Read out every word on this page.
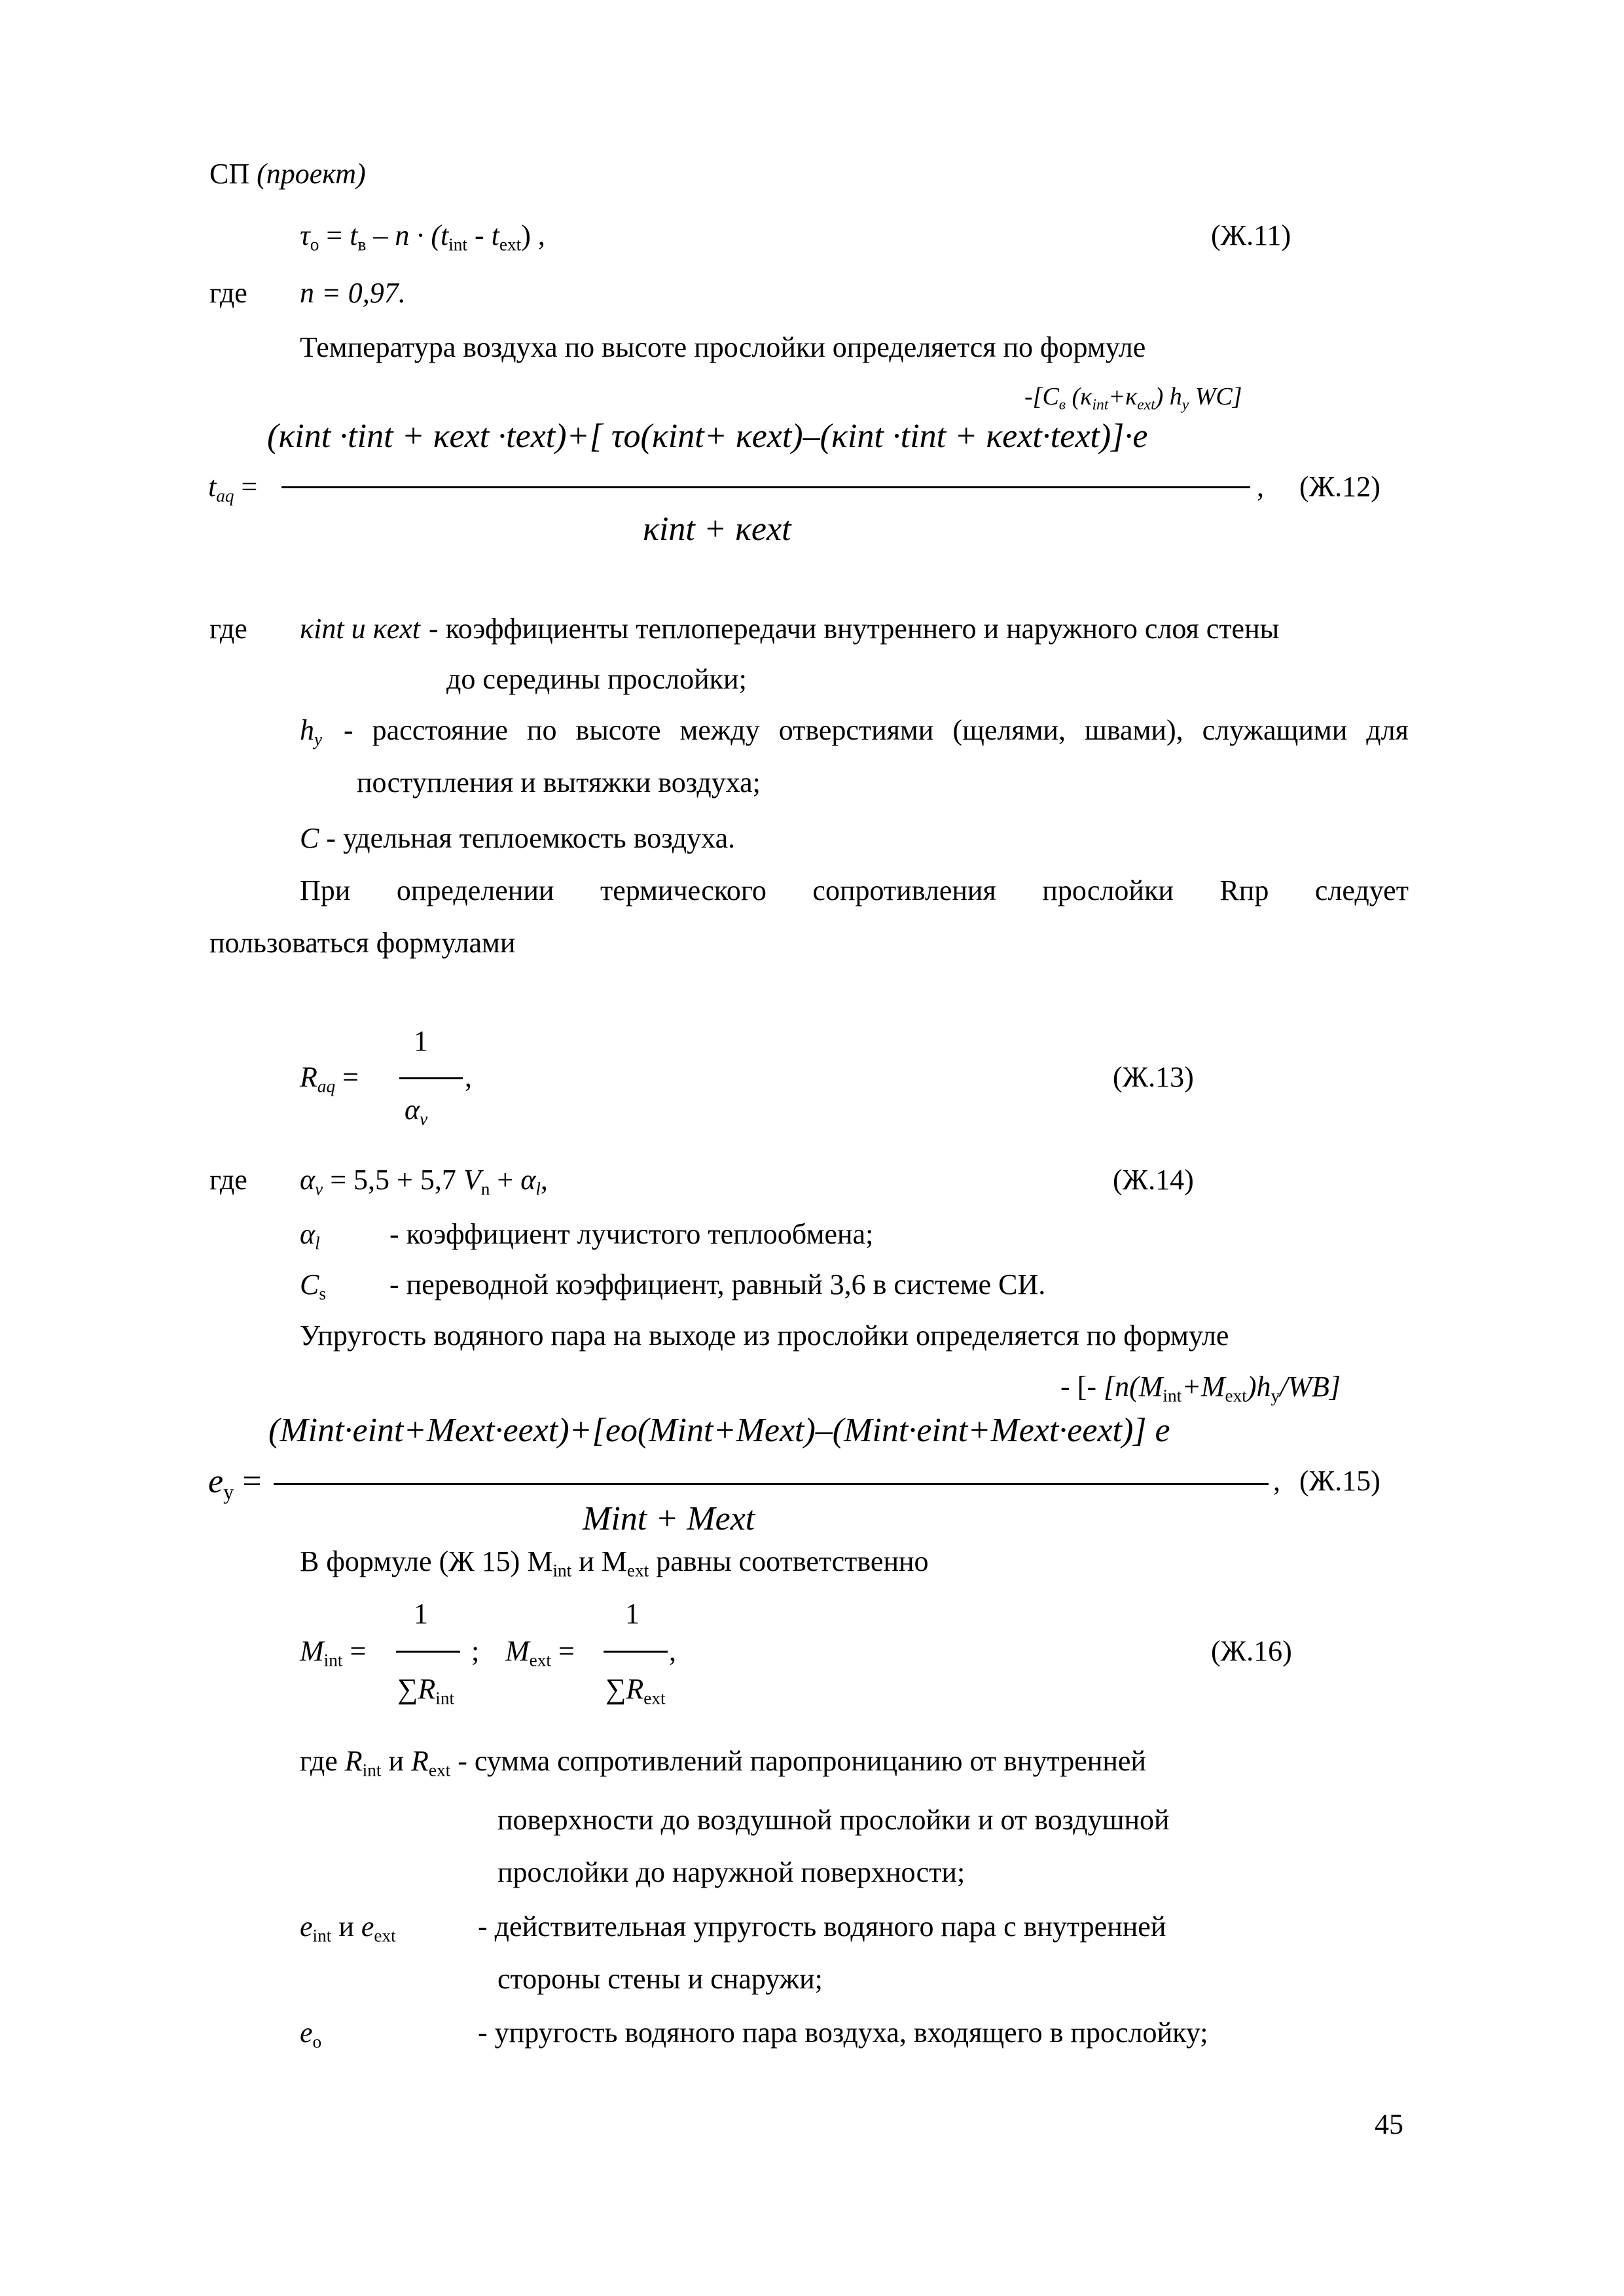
СП (проект)
$\tau_о = t_в - n \cdot (t_{int} - t_{ext})$ ,	(Ж.11)
где n = 0,97.
Температура воздуха по высоте прослойки определяется по формуле
$-[С_в$ $(\kappa_{int}+\kappa_{ext})$ $h_y$ WC]
(κint ·tint + κext ·text)+[ τo(κint+ κext)–(κint ·tint + κext·text)]·e
$t_{aq}$ =	, (Ж.12)
κint + κext
где κint и κext - коэффициенты теплопередачи внутреннего и наружного слоя стены
до середины прослойки;
$h_y$ - расстояние по высоте между отверстиями (щелями, швами), служащими для
поступления и вытяжки воздуха;
C - удельная теплоемкость воздуха.
При определении термического сопротивления прослойки Rпр следует
пользоваться формулами
1
$R_{aq}$ =	,	(Ж.13)
$\alpha_v$
где $\alpha_v = 5,5 + 5,7$ $V_n + \alpha_l$,	(Ж.14)
$\alpha_l$ - коэффициент лучистого теплообмена;
$C_s$ - переводной коэффициент, равный 3,6 в системе СИ.
Упругость водяного пара на выходе из прослойки определяется по формуле
- [- $[n(M_{int}+M_{ext})h_y/WB]$
(Mint·eint+Mext·eext)+[eo(Mint+Mext)–(Mint·eint+Mext·eext)] e
$e_y$ =	, (Ж.15)
Mint + Mext
В формуле (Ж 15) $M_{int}$ и $M_{ext}$ равны соответственно
1	1
$M_{int}$ =	; $M_{ext}$ =	,	(Ж.16)
$\sum R_{int}$	$\sum R_{ext}$
где $R_{int}$ и $R_{ext}$ - сумма сопротивлений паропроницанию от внутренней
поверхности до воздушной прослойки и от воздушной
прослойки до наружной поверхности;
$e_{int}$ и $e_{ext}$	- действительная упругость водяного пара с внутренней
стороны стены и снаружи;
$e_o$	- упругость водяного пара воздуха, входящего в прослойку;
45
